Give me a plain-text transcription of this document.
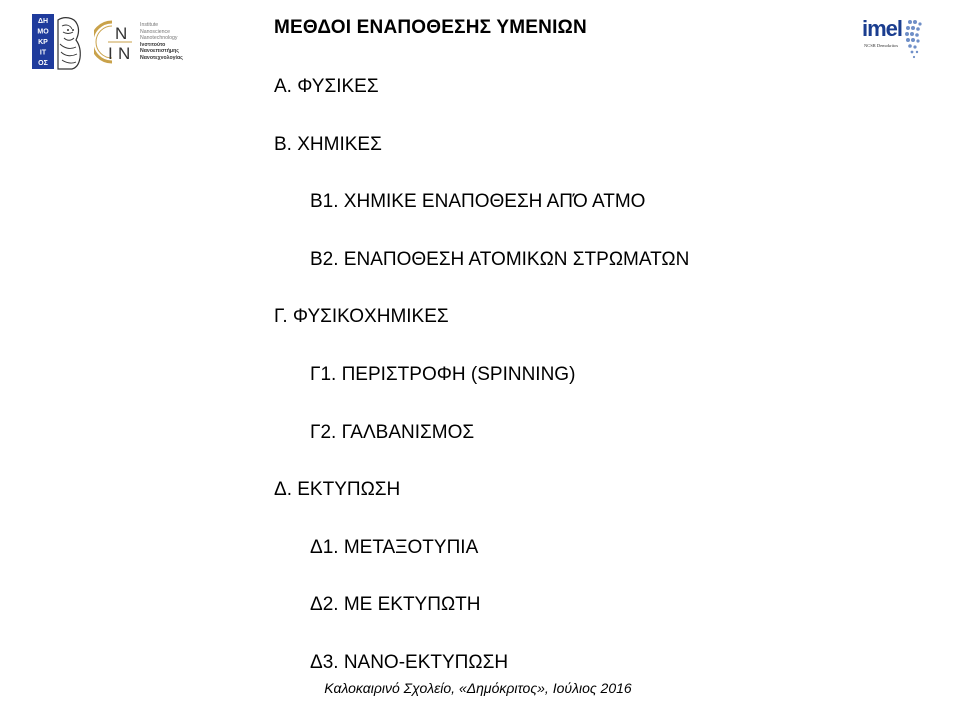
ΔΗ ΜΟ ΚΡ ΙΤ ΟΣ
N
I N
Institute
Nanoscience
Nanotechnology
Ινστιτούτο
Νανοεπιστήμης
Νανοτεχνολογίας
imel
NCSR Demokritos
ΜΕΘΔΟΙ ΕΝΑΠΟΘΕΣΗΣ ΥΜΕΝΙΩΝ
Α. ΦΥΣΙΚΕΣ
Β. ΧΗΜΙΚΕΣ
Β1. ΧΗΜΙΚΕ ΕΝΑΠΟΘΕΣΗ ΑΠΌ ΑΤΜΟ
Β2. ΕΝΑΠΟΘΕΣΗ ΑΤΟΜΙΚΩΝ ΣΤΡΩΜΑΤΩΝ
Γ. ΦΥΣΙΚΟΧΗΜΙΚΕΣ
Γ1. ΠΕΡΙΣΤΡΟΦΗ (SPINNING)
Γ2. ΓΑΛΒΑΝΙΣΜΟΣ
Δ. ΕΚΤΥΠΩΣΗ
Δ1. ΜΕΤΑΞΟΤΥΠΙΑ
Δ2. ΜΕ ΕΚΤΥΠΩΤΗ
Δ3. ΝΑΝΟ-ΕΚΤΥΠΩΣΗ
Καλοκαιρινό Σχολείο, «Δημόκριτος», Ιούλιος 2016
